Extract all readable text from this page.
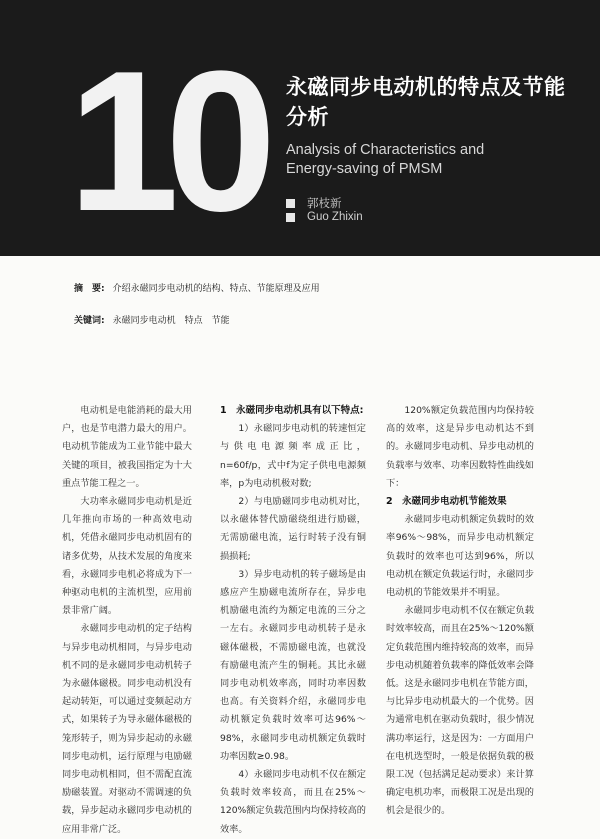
10 永磁同步电动机的特点及节能分析
Analysis of Characteristics and Energy-saving of PMSM
郭枝新
Guo Zhixin
摘　要: 介绍永磁同步电动机的结构、特点、节能原理及应用
关键词: 永磁同步电动机　特点　节能

电动机是电能消耗的最大用户，也是节电潜力最大的用户。电动机节能成为工业节能中最大关键的项目，被我国指定为十大重点节能工程之一。

大功率永磁同步电动机是近几年推向市场的一种高效电动机，凭借永磁同步电动机固有的诸多优势，从技术发展的角度来看，永磁同步电机必将成为下一种驱动电机的主流机型，应用前景非常广阔。

永磁同步电动机的定子结构与异步电动机相同，与异步电动机不同的是永磁同步电动机转子为永磁体磁极。同步电动机没有起动转矩，可以通过变频起动方式，如果转子为导永磁体磁极的笼形转子，则为异步起动的永磁同步电动机，运行原理与电励磁同步电动机相同，但不需配直流励磁装置。对驱动不需调速的负载，异步起动永磁同步电动机的应用非常广泛。

1　永磁同步电动机具有以下特点:

1）永磁同步电动机的转速恒定与供电电源频率成正比，n=60f/p，式中f为定子供电电源频率，p为电动机极对数;

2）与电励磁同步电动机对比，以永磁体替代励磁绕组进行励磁，无需励磁电流，运行时转子没有铜损损耗;

3）异步电动机的转子磁场是由感应产生励磁电流所存在，异步电机励磁电流约为额定电流的三分之一左右。永磁同步电动机转子是永磁体磁极，不需励磁电流，也就没有励磁电流产生的铜耗。其比永磁同步电动机效率高，同时功率因数也高。有关资料介绍，永磁同步电动机额定负载时效率可达96%～98%，永磁同步电动机额定负载时功率因数≥0.98。

4）永磁同步电动机不仅在额定负载时效率较高，而且在25%～120%额定负载范围内均保持较高的效率。

120%额定负载范围内均保持较高的效率，这是异步电动机达不到的。永磁同步电动机、异步电动机的负载率与效率、功率因数特性曲线如下：

2　永磁同步电动机节能效果

永磁同步电动机额定负载时的效率96%～98%，而异步电动机额定负载时的效率也可达到96%，所以电动机在额定负载运行时，永磁同步电动机的节能效果并不明显。

永磁同步电动机不仅在额定负载时效率较高，而且在25%～120%额定负载范围内维持较高的效率，而异步电动机随着负载率的降低效率会降低。这是永磁同步电机在节能方面，与比异步电动机最大的一个优势。因为通常电机在驱动负载时，很少情况满功率运行，这是因为：一方面用户在电机选型时，一般是依据负载的极限工况（包括满足起动要求）来计算确定电机功率，而极限工况是出现的机会是很少的。
